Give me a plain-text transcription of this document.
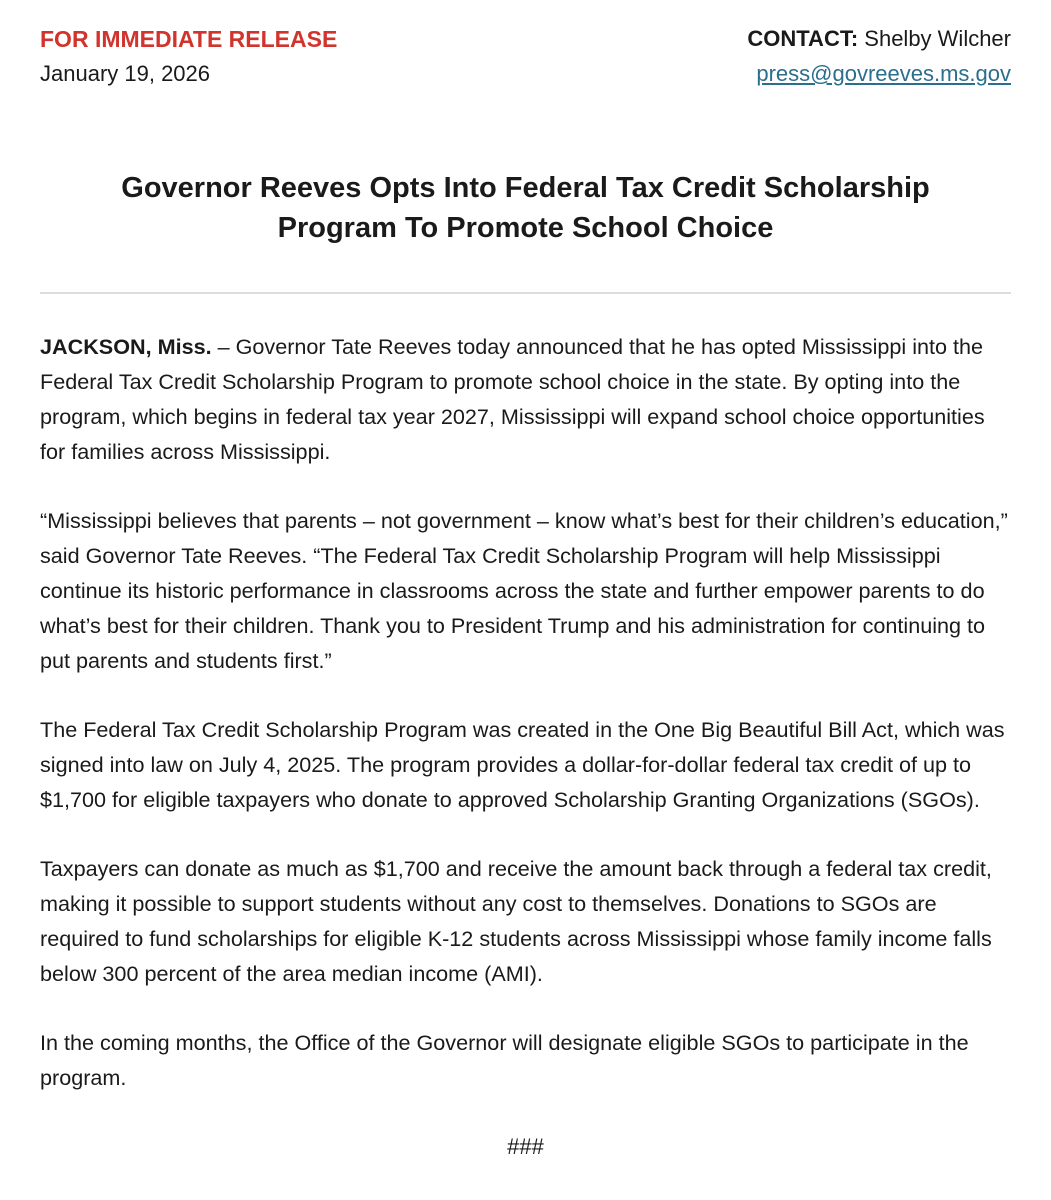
FOR IMMEDIATE RELEASE
January 19, 2026
CONTACT: Shelby Wilcher
press@govreeves.ms.gov
Governor Reeves Opts Into Federal Tax Credit Scholarship Program To Promote School Choice

JACKSON, Miss. – Governor Tate Reeves today announced that he has opted Mississippi into the Federal Tax Credit Scholarship Program to promote school choice in the state. By opting into the program, which begins in federal tax year 2027, Mississippi will expand school choice opportunities for families across Mississippi.

“Mississippi believes that parents – not government – know what’s best for their children’s education,” said Governor Tate Reeves. “The Federal Tax Credit Scholarship Program will help Mississippi continue its historic performance in classrooms across the state and further empower parents to do what’s best for their children. Thank you to President Trump and his administration for continuing to put parents and students first.”

The Federal Tax Credit Scholarship Program was created in the One Big Beautiful Bill Act, which was signed into law on July 4, 2025. The program provides a dollar-for-dollar federal tax credit of up to $1,700 for eligible taxpayers who donate to approved Scholarship Granting Organizations (SGOs).

Taxpayers can donate as much as $1,700 and receive the amount back through a federal tax credit, making it possible to support students without any cost to themselves. Donations to SGOs are required to fund scholarships for eligible K-12 students across Mississippi whose family income falls below 300 percent of the area median income (AMI).

In the coming months, the Office of the Governor will designate eligible SGOs to participate in the program.

###
